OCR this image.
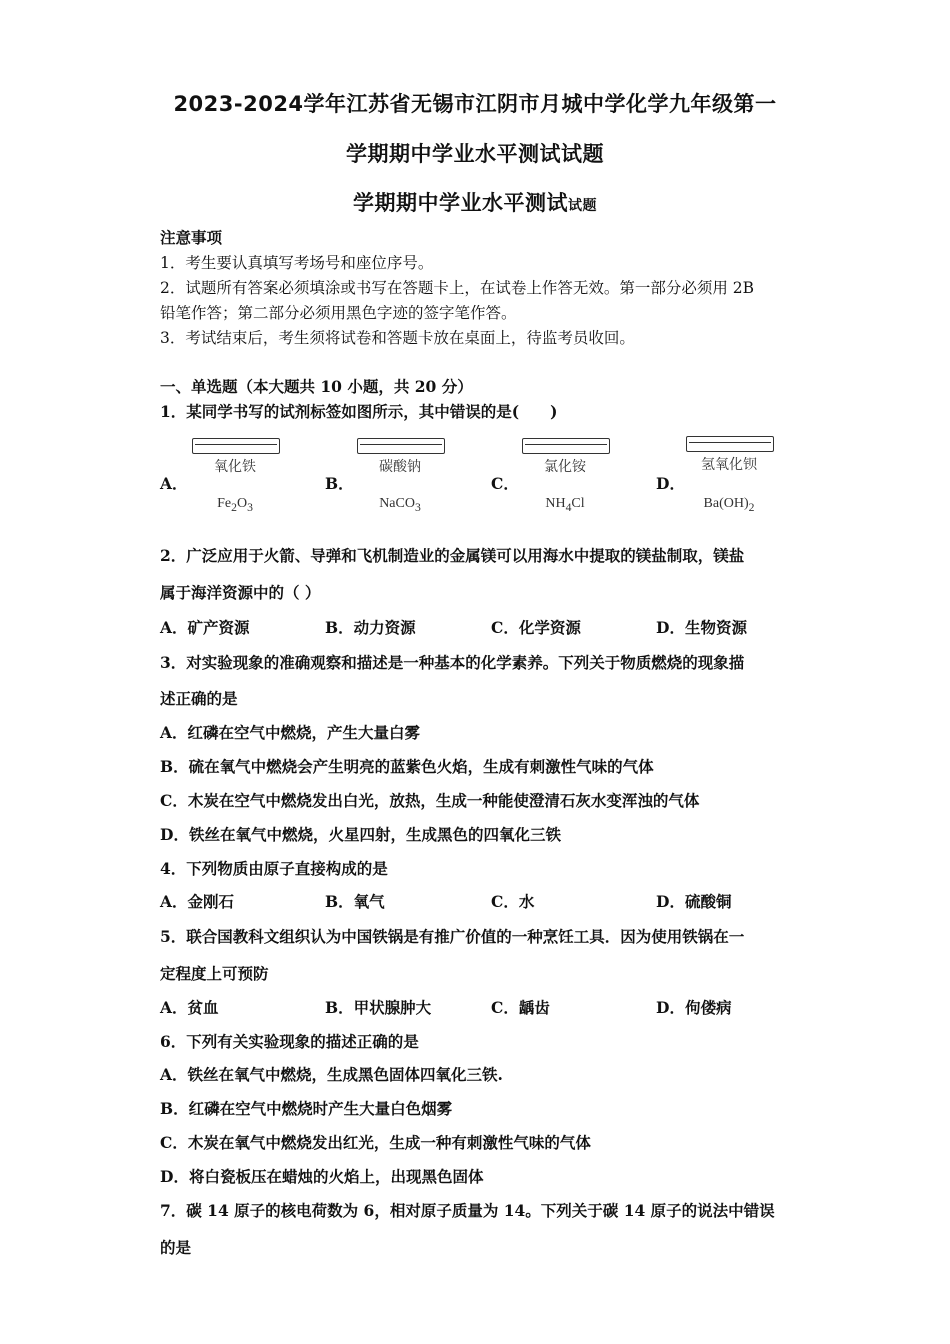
2023-2024学年江苏省无锡市江阴市月城中学化学九年级第一
学期期中学业水平测试试题
学期期中学业水平测试试题
注意事项
1．考生要认真填写考场号和座位序号。
2．试题所有答案必须填涂或书写在答题卡上，在试卷上作答无效。第一部分必须用 2B
铅笔作答；第二部分必须用黑色字迹的签字笔作答。
3．考试结束后，考生须将试卷和答题卡放在桌面上，待监考员收回。
一、单选题（本大题共 10 小题，共 20 分）
1．某同学书写的试剂标签如图所示，其中错误的是(　　)
A．
氧化铁
$Fe_2O_3$
B．
碳酸钠
NaCO$_3$
C．
氯化铵
$NH_4Cl$
D．
氢氧化钡
$Ba(OH)_2$
2．广泛应用于火箭、导弹和飞机制造业的金属镁可以用海水中提取的镁盐制取，镁盐
属于海洋资源中的（ ）
A．矿产资源	B．动力资源	C．化学资源	D．生物资源
3．对实验现象的准确观察和描述是一种基本的化学素养。下列关于物质燃烧的现象描
述正确的是
A．红磷在空气中燃烧，产生大量白雾
B．硫在氧气中燃烧会产生明亮的蓝紫色火焰，生成有刺激性气味的气体
C．木炭在空气中燃烧发出白光，放热，生成一种能使澄清石灰水变浑浊的气体
D．铁丝在氧气中燃烧，火星四射，生成黑色的四氧化三铁
4．下列物质由原子直接构成的是
A．金刚石	B．氧气	C．水	D．硫酸铜
5．联合国教科文组织认为中国铁锅是有推广价值的一种烹饪工具．因为使用铁锅在一
定程度上可预防
A．贫血	B．甲状腺肿大	C．龋齿	D．佝偻病
6．下列有关实验现象的描述正确的是
A．铁丝在氧气中燃烧，生成黑色固体四氧化三铁.
B．红磷在空气中燃烧时产生大量白色烟雾
C．木炭在氧气中燃烧发出红光，生成一种有刺激性气味的气体
D．将白瓷板压在蜡烛的火焰上，出现黑色固体
7．碳 14 原子的核电荷数为 6，相对原子质量为 14。下列关于碳 14 原子的说法中错误
的是
